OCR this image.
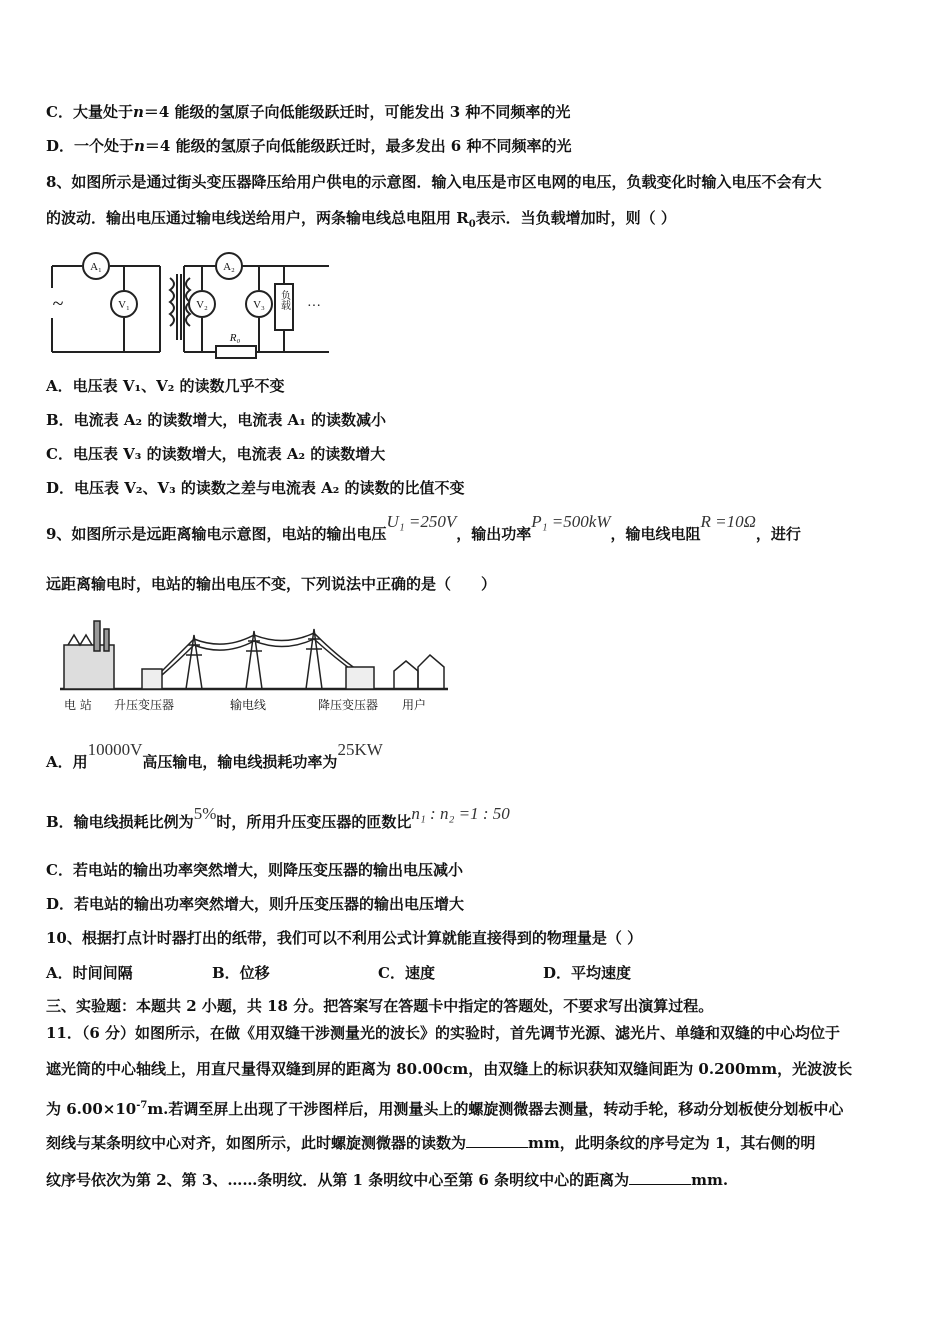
C．大量处于n＝4 能级的氢原子向低能级跃迁时，可能发出 3 种不同频率的光
D．一个处于n＝4 能级的氢原子向低能级跃迁时，最多发出 6 种不同频率的光
8、如图所示是通过街头变压器降压给用户供电的示意图．输入电压是市区电网的电压，负载变化时输入电压不会有大
的波动．输出电压通过输电线送给用户，两条输电线总电阻用 $R_0$表示．当负载增加时，则（ ）
A₁
V₁	V₂
A₂
V₃
R₀
~	···
负载
A．电压表 V₁、V₂ 的读数几乎不变
B．电流表 A₂ 的读数增大，电流表 A₁ 的读数减小
C．电压表 V₃ 的读数增大，电流表 A₂ 的读数增大
D．电压表 V₂、V₃ 的读数之差与电流表 A₂ 的读数的比值不变
9、如图所示是远距离输电示意图，电站的输出电压U₁ =250V，输出功率P₁ =500kW，输电线电阻R =10Ω，进行
远距离输电时，电站的输出电压不变，下列说法中正确的是（　　）
电 站 升压变压器	输电线	降压变压器 用户
A．用10000V高压输电，输电线损耗功率为25KW
B．输电线损耗比例为5%时，所用升压变压器的匝数比n₁ : n₂ =1 : 50
C．若电站的输出功率突然增大，则降压变压器的输出电压减小
D．若电站的输出功率突然增大，则升压变压器的输出电压增大
10、根据打点计时器打出的纸带，我们可以不利用公式计算就能直接得到的物理量是（ ）
A．时间间隔	B．位移	C．速度	D．平均速度
三、实验题：本题共 2 小题，共 18 分。把答案写在答题卡中指定的答题处，不要求写出演算过程。
11．（6 分）如图所示，在做《用双缝干涉测量光的波长》的实验时，首先调节光源、滤光片、单缝和双缝的中心均位于
遮光筒的中心轴线上，用直尺量得双缝到屏的距离为 80.00cm，由双缝上的标识获知双缝间距为 0.200mm，光波波长
为 $6.00\times 10^{-7}m$.若调至屏上出现了干涉图样后，用测量头上的螺旋测微器去测量，转动手轮，移动分划板使分划板中心
刻线与某条明纹中心对齐，如图所示，此时螺旋测微器的读数为	mm，此明条纹的序号定为 1，其右侧的明
纹序号依次为第 2、第 3、……条明纹．从第 1 条明纹中心至第 6 条明纹中心的距离为	mm.
